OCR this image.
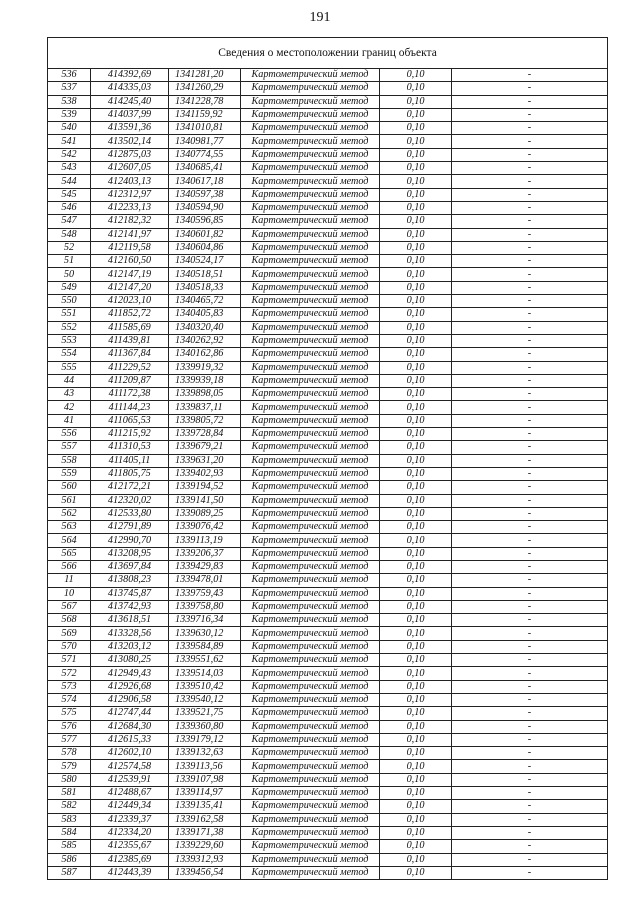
191
Сведения о местоположении границ объекта					
536	414392,69	1341281,20	Картометрический метод	0,10	-
537	414335,03	1341260,29	Картометрический метод	0,10	-
538	414245,40	1341228,78	Картометрический метод	0,10	-
539	414037,99	1341159,92	Картометрический метод	0,10	-
540	413591,36	1341010,81	Картометрический метод	0,10	-
541	413502,14	1340981,77	Картометрический метод	0,10	-
542	412875,03	1340774,55	Картометрический метод	0,10	-
543	412607,05	1340685,41	Картометрический метод	0,10	-
544	412403,13	1340617,18	Картометрический метод	0,10	-
545	412312,97	1340597,38	Картометрический метод	0,10	-
546	412233,13	1340594,90	Картометрический метод	0,10	-
547	412182,32	1340596,85	Картометрический метод	0,10	-
548	412141,97	1340601,82	Картометрический метод	0,10	-
52	412119,58	1340604,86	Картометрический метод	0,10	-
51	412160,50	1340524,17	Картометрический метод	0,10	-
50	412147,19	1340518,51	Картометрический метод	0,10	-
549	412147,20	1340518,33	Картометрический метод	0,10	-
550	412023,10	1340465,72	Картометрический метод	0,10	-
551	411852,72	1340405,83	Картометрический метод	0,10	-
552	411585,69	1340320,40	Картометрический метод	0,10	-
553	411439,81	1340262,92	Картометрический метод	0,10	-
554	411367,84	1340162,86	Картометрический метод	0,10	-
555	411229,52	1339919,32	Картометрический метод	0,10	-
44	411209,87	1339939,18	Картометрический метод	0,10	-
43	411172,38	1339898,05	Картометрический метод	0,10	-
42	411144,23	1339837,11	Картометрический метод	0,10	-
41	411065,53	1339805,72	Картометрический метод	0,10	-
556	411215,92	1339728,84	Картометрический метод	0,10	-
557	411310,53	1339679,21	Картометрический метод	0,10	-
558	411405,11	1339631,20	Картометрический метод	0,10	-
559	411805,75	1339402,93	Картометрический метод	0,10	-
560	412172,21	1339194,52	Картометрический метод	0,10	-
561	412320,02	1339141,50	Картометрический метод	0,10	-
562	412533,80	1339089,25	Картометрический метод	0,10	-
563	412791,89	1339076,42	Картометрический метод	0,10	-
564	412990,70	1339113,19	Картометрический метод	0,10	-
565	413208,95	1339206,37	Картометрический метод	0,10	-
566	413697,84	1339429,83	Картометрический метод	0,10	-
11	413808,23	1339478,01	Картометрический метод	0,10	-
10	413745,87	1339759,43	Картометрический метод	0,10	-
567	413742,93	1339758,80	Картометрический метод	0,10	-
568	413618,51	1339716,34	Картометрический метод	0,10	-
569	413328,56	1339630,12	Картометрический метод	0,10	-
570	413203,12	1339584,89	Картометрический метод	0,10	-
571	413080,25	1339551,62	Картометрический метод	0,10	-
572	412949,43	1339514,03	Картометрический метод	0,10	-
573	412926,68	1339510,42	Картометрический метод	0,10	-
574	412906,58	1339540,12	Картометрический метод	0,10	-
575	412747,44	1339521,75	Картометрический метод	0,10	-
576	412684,30	1339360,80	Картометрический метод	0,10	-
577	412615,33	1339179,12	Картометрический метод	0,10	-
578	412602,10	1339132,63	Картометрический метод	0,10	-
579	412574,58	1339113,56	Картометрический метод	0,10	-
580	412539,91	1339107,98	Картометрический метод	0,10	-
581	412488,67	1339114,97	Картометрический метод	0,10	-
582	412449,34	1339135,41	Картометрический метод	0,10	-
583	412339,37	1339162,58	Картометрический метод	0,10	-
584	412334,20	1339171,38	Картометрический метод	0,10	-
585	412355,67	1339229,60	Картометрический метод	0,10	-
586	412385,69	1339312,93	Картометрический метод	0,10	-
587	412443,39	1339456,54	Картометрический метод	0,10	-
